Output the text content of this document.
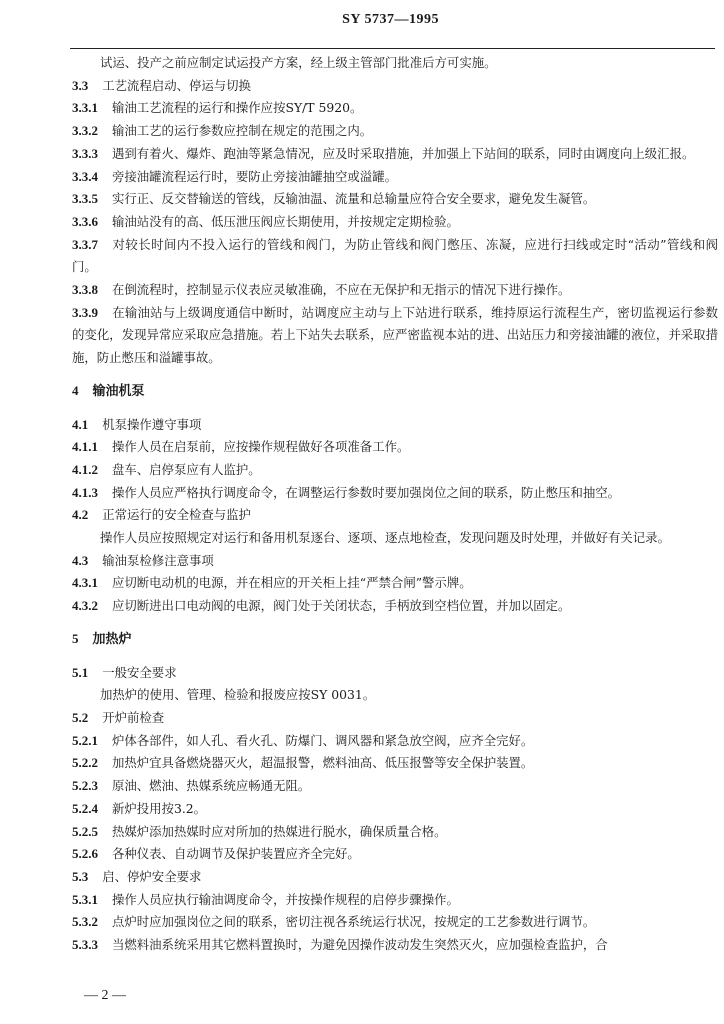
SY 5737—1995
试运、投产之前应制定试运投产方案，经上级主管部门批准后方可实施。
3.3 工艺流程启动、停运与切换
3.3.1 输油工艺流程的运行和操作应按SY/T 5920。
3.3.2 输油工艺的运行参数应控制在规定的范围之内。
3.3.3 遇到有着火、爆炸、跑油等紧急情况，应及时采取措施，并加强上下站间的联系，同时由调度向上级汇报。
3.3.4 旁接油罐流程运行时，要防止旁接油罐抽空或溢罐。
3.3.5 实行正、反交替输送的管线，反输油温、流量和总输量应符合安全要求，避免发生凝管。
3.3.6 输油站没有的高、低压泄压阀应长期使用，并按规定定期检验。
3.3.7 对较长时间内不投入运行的管线和阀门，为防止管线和阀门憋压、冻凝，应进行扫线或定时“活动”管线和阀门。
3.3.8 在倒流程时，控制显示仪表应灵敏准确，不应在无保护和无指示的情况下进行操作。
3.3.9 在输油站与上级调度通信中断时，站调度应主动与上下站进行联系，维持原运行流程生产，密切监视运行参数的变化，发现异常应采取应急措施。若上下站失去联系，应严密监视本站的进、出站压力和旁接油罐的液位，并采取措施，防止憋压和溢罐事故。
4 输油机泵
4.1 机泵操作遵守事项
4.1.1 操作人员在启泵前，应按操作规程做好各项准备工作。
4.1.2 盘车、启停泵应有人监护。
4.1.3 操作人员应严格执行调度命令，在调整运行参数时要加强岗位之间的联系，防止憋压和抽空。
4.2 正常运行的安全检查与监护
操作人员应按照规定对运行和备用机泵逐台、逐项、逐点地检查，发现问题及时处理，并做好有关记录。
4.3 输油泵检修注意事项
4.3.1 应切断电动机的电源，并在相应的开关柜上挂“严禁合闸”警示牌。
4.3.2 应切断进出口电动阀的电源，阀门处于关闭状态，手柄放到空档位置，并加以固定。
5 加热炉
5.1 一般安全要求
加热炉的使用、管理、检验和报废应按SY 0031。
5.2 开炉前检查
5.2.1 炉体各部件，如人孔、看火孔、防爆门、调风器和紧急放空阀，应齐全完好。
5.2.2 加热炉宜具备燃烧器灭火，超温报警，燃料油高、低压报警等安全保护装置。
5.2.3 原油、燃油、热媒系统应畅通无阻。
5.2.4 新炉投用按3.2。
5.2.5 热媒炉添加热媒时应对所加的热媒进行脱水，确保质量合格。
5.2.6 各种仪表、自动调节及保护装置应齐全完好。
5.3 启、停炉安全要求
5.3.1 操作人员应执行输油调度命令，并按操作规程的启停步骤操作。
5.3.2 点炉时应加强岗位之间的联系，密切注视各系统运行状况，按规定的工艺参数进行调节。
5.3.3 当燃料油系统采用其它燃料置换时，为避免因操作波动发生突然灭火，应加强检查监护，合
— 2 —
